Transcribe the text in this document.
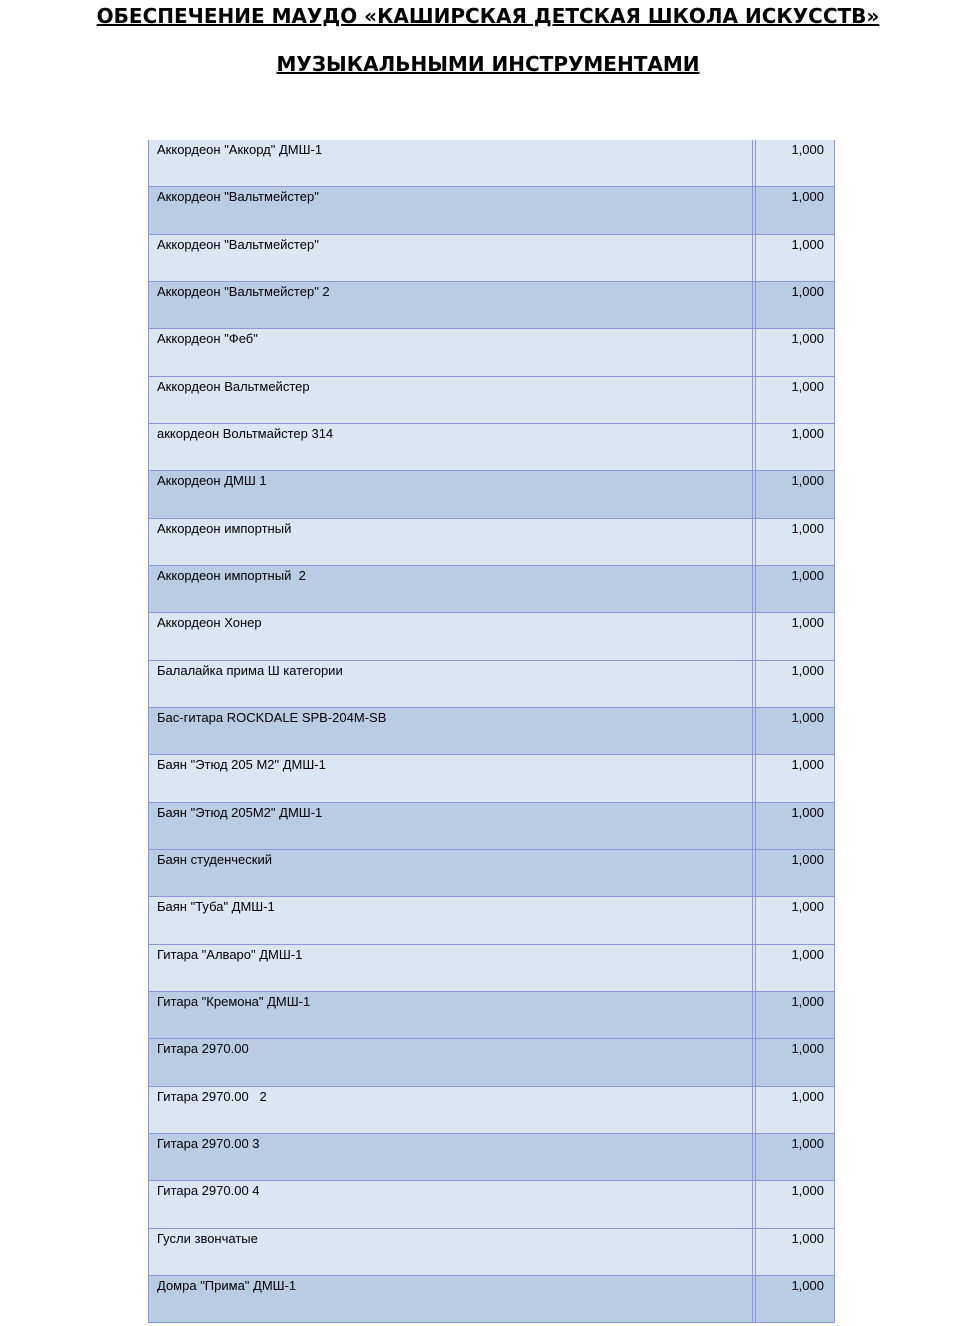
ОБЕСПЕЧЕНИЕ МАУДО «КАШИРСКАЯ ДЕТСКАЯ ШКОЛА ИСКУССТВ»
МУЗЫКАЛЬНЫМИ ИНСТРУМЕНТАМИ
Аккордеон "Аккорд" ДМШ-1	1,000
Аккордеон "Вальтмейстер"	1,000
Аккордеон "Вальтмейстер"	1,000
Аккордеон "Вальтмейстер" 2	1,000
Аккордеон "Феб"	1,000
Аккордеон Вальтмейстер	1,000
аккордеон Вольтмайстер 314	1,000
Аккордеон ДМШ 1	1,000
Аккордеон импортный	1,000
Аккордеон импортный  2	1,000
Аккордеон Хонер	1,000
Балалайка прима Ш категории	1,000
Бас-гитара ROCKDALE SPB-204M-SB	1,000
Баян "Этюд 205 М2" ДМШ-1	1,000
Баян "Этюд 205М2" ДМШ-1	1,000
Баян студенческий	1,000
Баян "Туба" ДМШ-1	1,000
Гитара "Алваро" ДМШ-1	1,000
Гитара "Кремона" ДМШ-1	1,000
Гитара 2970.00	1,000
Гитара 2970.00   2	1,000
Гитара 2970.00 3	1,000
Гитара 2970.00 4	1,000
Гусли звончатые	1,000
Домра "Прима" ДМШ-1	1,000
